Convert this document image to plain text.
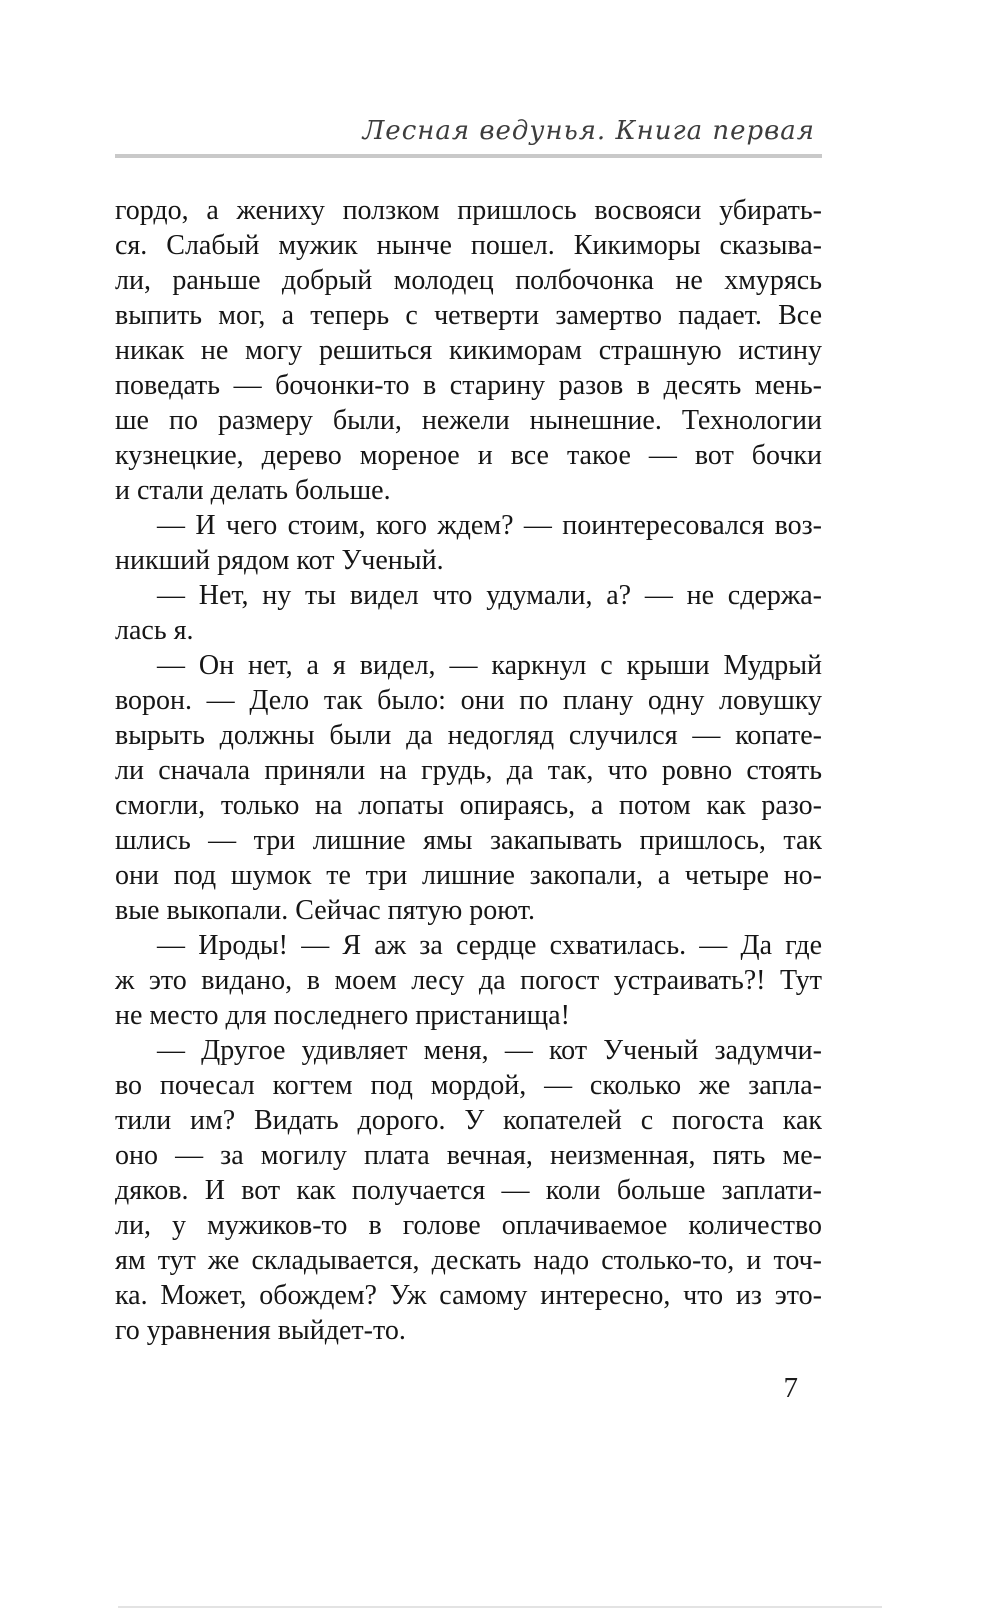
Лесная ведунья. Книга первая
гордо, а жениху ползком пришлось восвояси убирать-
ся. Слабый мужик нынче пошел. Кикиморы сказыва-
ли, раньше добрый молодец полбочонка не хмурясь
выпить мог, а теперь с четверти замертво падает. Все
никак не могу решиться кикиморам страшную истину
поведать — бочонки-то в старину разов в десять мень-
ше по размеру были, нежели нынешние. Технологии
кузнецкие, дерево мореное и все такое — вот бочки
и стали делать больше.
— И чего стоим, кого ждем? — поинтересовался воз-
никший рядом кот Ученый.
— Нет, ну ты видел что удумали, а? — не сдержа-
лась я.
— Он нет, а я видел, — каркнул с крыши Мудрый
ворон. — Дело так было: они по плану одну ловушку
вырыть должны были да недогляд случился — копате-
ли сначала приняли на грудь, да так, что ровно стоять
смогли, только на лопаты опираясь, а потом как разо-
шлись — три лишние ямы закапывать пришлось, так
они под шумок те три лишние закопали, а четыре но-
вые выкопали. Сейчас пятую роют.
— Ироды! — Я аж за сердце схватилась. — Да где
ж это видано, в моем лесу да погост устраивать?! Тут
не место для последнего пристанища!
— Другое удивляет меня, — кот Ученый задумчи-
во почесал когтем под мордой, — сколько же запла-
тили им? Видать дорого. У копателей с погоста как
оно — за могилу плата вечная, неизменная, пять ме-
дяков. И вот как получается — коли больше заплати-
ли, у мужиков-то в голове оплачиваемое количество
ям тут же складывается, дескать надо столько-то, и точ-
ка. Может, обождем? Уж самому интересно, что из это-
го уравнения выйдет-то.
7
